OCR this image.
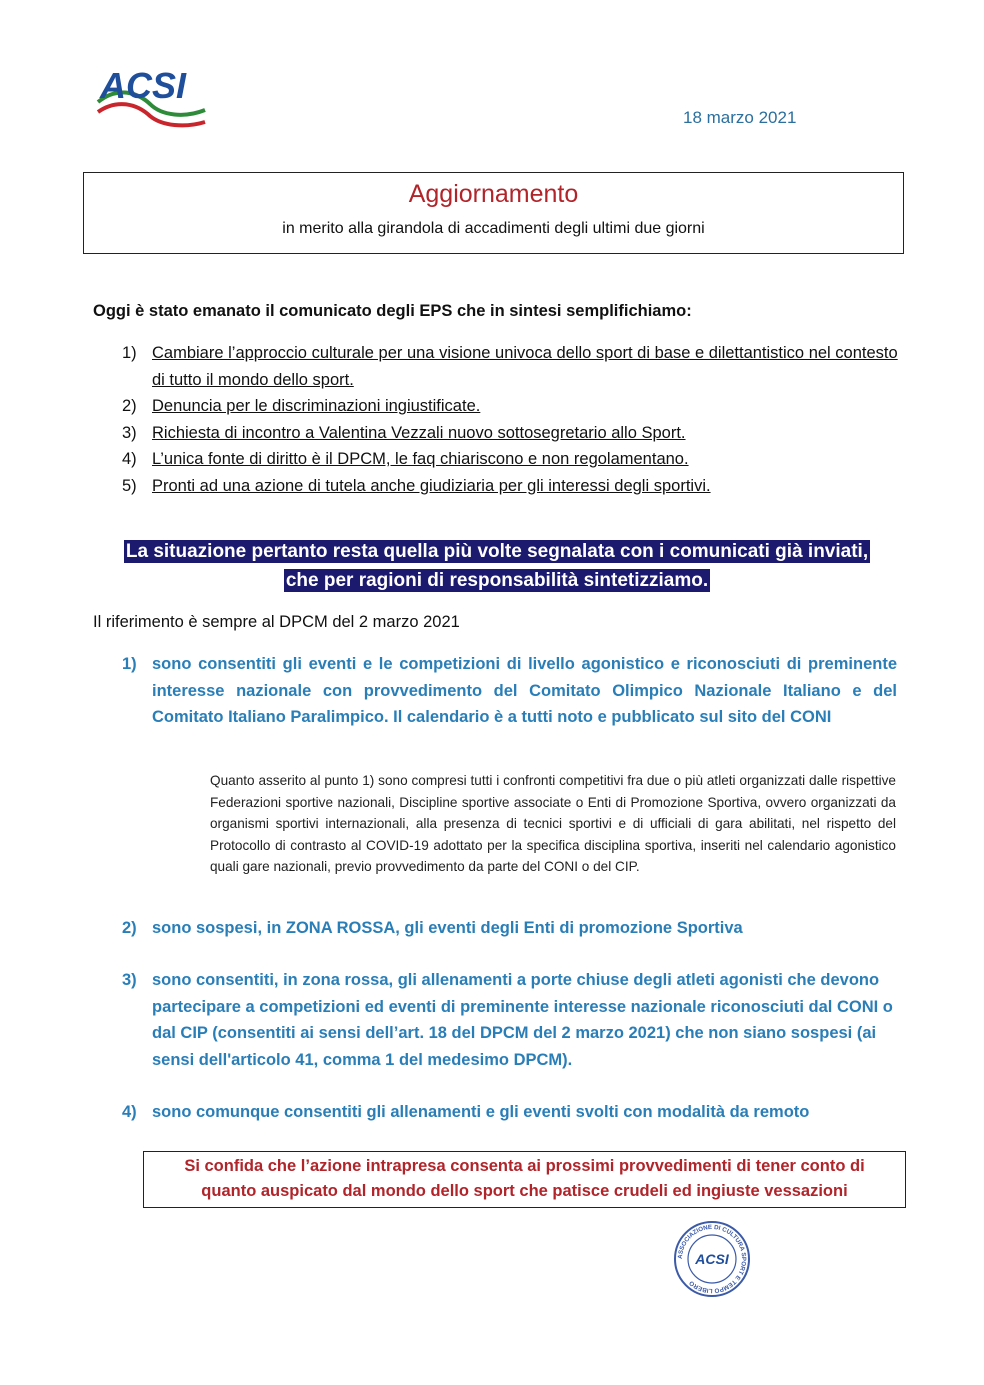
ACSI
18 marzo 2021
Aggiornamento
in merito alla girandola di accadimenti degli ultimi due giorni
Oggi è stato emanato il comunicato degli EPS che in sintesi semplifichiamo:
1) Cambiare l’approccio culturale per una visione univoca dello sport di base e dilettantistico nel contesto di tutto il mondo dello sport.
2) Denuncia per le discriminazioni ingiustificate.
3) Richiesta di incontro a Valentina Vezzali nuovo sottosegretario allo Sport.
4) L’unica fonte di diritto è il DPCM, le faq chiariscono e non regolamentano.
5) Pronti ad una azione di tutela anche giudiziaria per gli interessi degli sportivi.
La situazione pertanto resta quella più volte segnalata con i comunicati già inviati,
che per ragioni di responsabilità sintetizziamo.
Il riferimento è sempre al DPCM del 2 marzo 2021
1) sono consentiti gli eventi e le competizioni di livello agonistico e riconosciuti di preminente interesse nazionale con provvedimento del Comitato Olimpico Nazionale Italiano e del Comitato Italiano Paralimpico. Il calendario è a tutti noto e pubblicato sul sito del CONI
Quanto asserito al punto 1) sono compresi tutti i confronti competitivi fra due o più atleti organizzati dalle rispettive Federazioni sportive nazionali, Discipline sportive associate o Enti di Promozione Sportiva, ovvero organizzati da organismi sportivi internazionali, alla presenza di tecnici sportivi e di ufficiali di gara abilitati, nel rispetto del Protocollo di contrasto al COVID-19 adottato per la specifica disciplina sportiva, inseriti nel calendario agonistico quali gare nazionali, previo provvedimento da parte del CONI o del CIP.
2) sono sospesi, in ZONA ROSSA, gli eventi degli Enti di promozione Sportiva
3) sono consentiti, in zona rossa, gli allenamenti a porte chiuse degli atleti agonisti che devono partecipare a competizioni ed eventi di preminente interesse nazionale riconosciuti dal CONI o dal CIP (consentiti ai sensi dell’art. 18 del DPCM del 2 marzo 2021) che non siano sospesi (ai sensi dell'articolo 41, comma 1 del medesimo DPCM).
4) sono comunque consentiti gli allenamenti e gli eventi svolti con modalità da remoto
Si confida che l’azione intrapresa consenta ai prossimi provvedimenti di tener conto di
quanto auspicato dal mondo dello sport che patisce crudeli ed ingiuste vessazioni
ASSOCIAZIONE DI CULTURA SPORT E TEMPO LIBERO
ACSI
